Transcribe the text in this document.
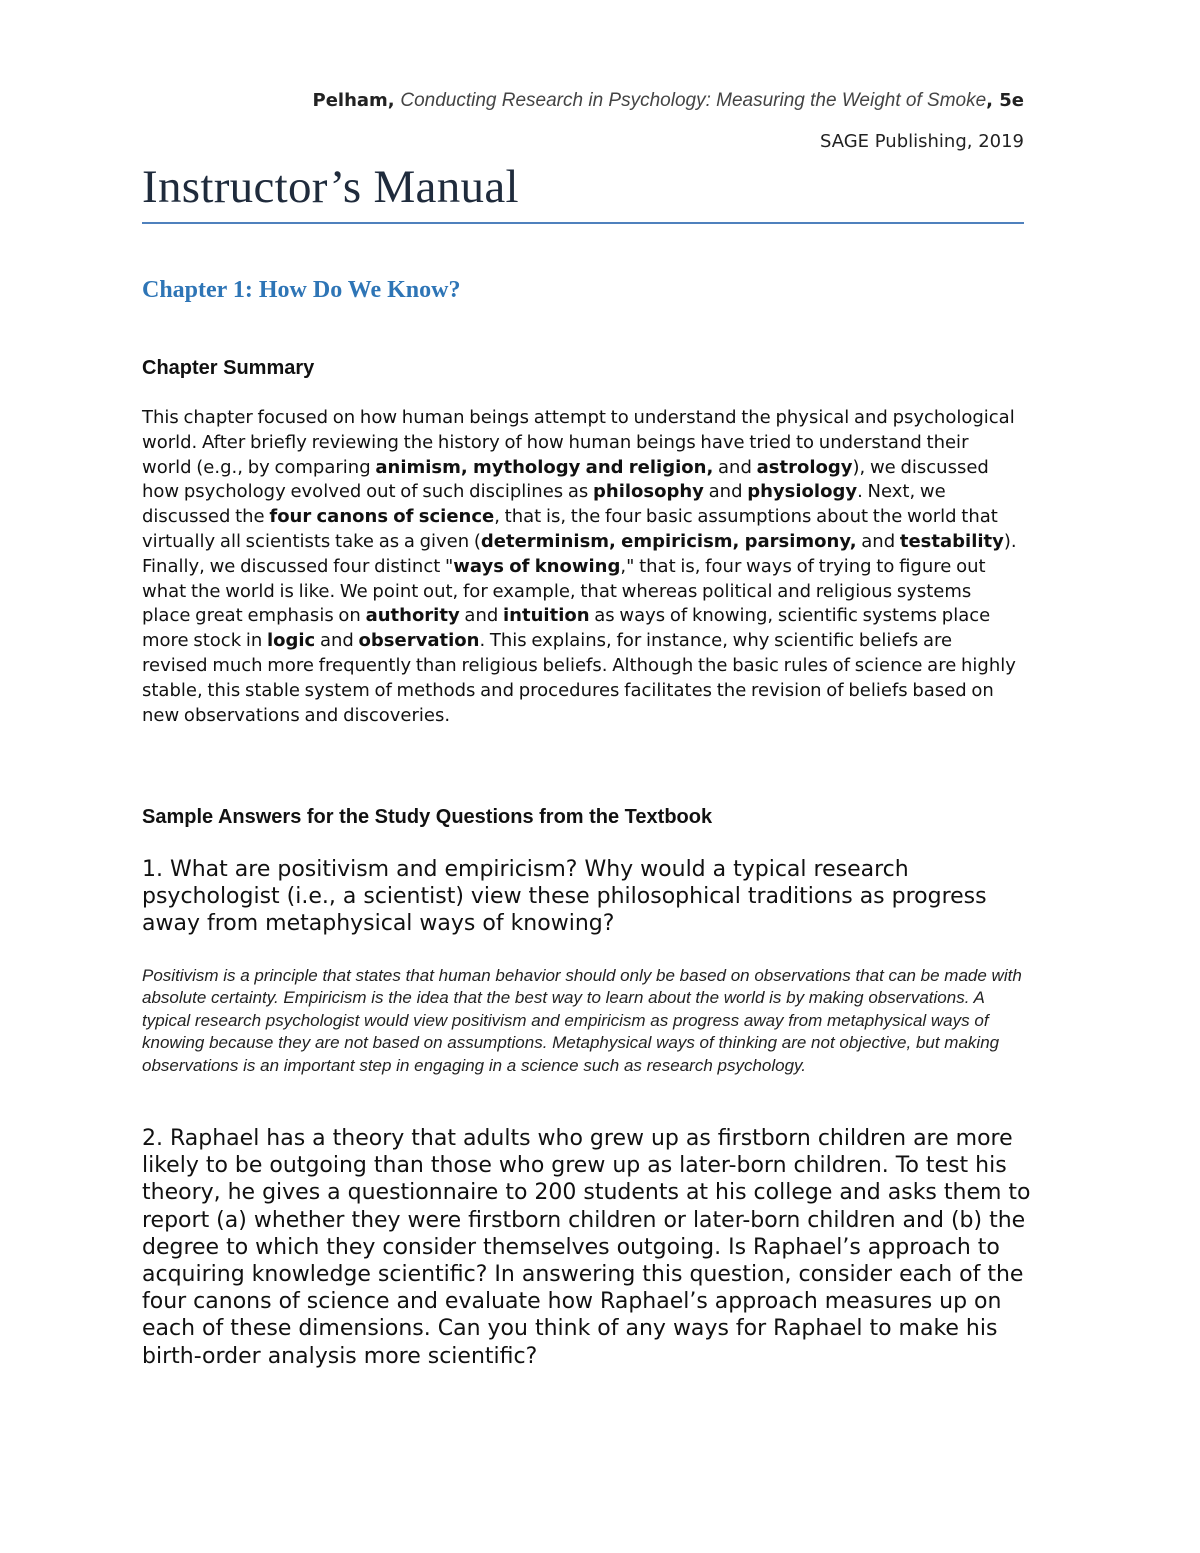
Pelham, Conducting Research in Psychology: Measuring the Weight of Smoke, 5e
SAGE Publishing, 2019
Instructor’s Manual
Chapter 1: How Do We Know?
Chapter Summary
This chapter focused on how human beings attempt to understand the physical and psychological world. After briefly reviewing the history of how human beings have tried to understand their world (e.g., by comparing animism, mythology and religion, and astrology), we discussed how psychology evolved out of such disciplines as philosophy and physiology. Next, we discussed the four canons of science, that is, the four basic assumptions about the world that virtually all scientists take as a given (determinism, empiricism, parsimony, and testability). Finally, we discussed four distinct "ways of knowing," that is, four ways of trying to figure out what the world is like. We point out, for example, that whereas political and religious systems place great emphasis on authority and intuition as ways of knowing, scientific systems place more stock in logic and observation. This explains, for instance, why scientific beliefs are revised much more frequently than religious beliefs. Although the basic rules of science are highly stable, this stable system of methods and procedures facilitates the revision of beliefs based on new observations and discoveries.
Sample Answers for the Study Questions from the Textbook
1. What are positivism and empiricism? Why would a typical research psychologist (i.e., a scientist) view these philosophical traditions as progress away from metaphysical ways of knowing?
Positivism is a principle that states that human behavior should only be based on observations that can be made with absolute certainty. Empiricism is the idea that the best way to learn about the world is by making observations. A typical research psychologist would view positivism and empiricism as progress away from metaphysical ways of knowing because they are not based on assumptions. Metaphysical ways of thinking are not objective, but making observations is an important step in engaging in a science such as research psychology.
2. Raphael has a theory that adults who grew up as firstborn children are more likely to be outgoing than those who grew up as later-born children. To test his theory, he gives a questionnaire to 200 students at his college and asks them to report (a) whether they were firstborn children or later-born children and (b) the degree to which they consider themselves outgoing. Is Raphael’s approach to acquiring knowledge scientific? In answering this question, consider each of the four canons of science and evaluate how Raphael’s approach measures up on each of these dimensions. Can you think of any ways for Raphael to make his birth-order analysis more scientific?
